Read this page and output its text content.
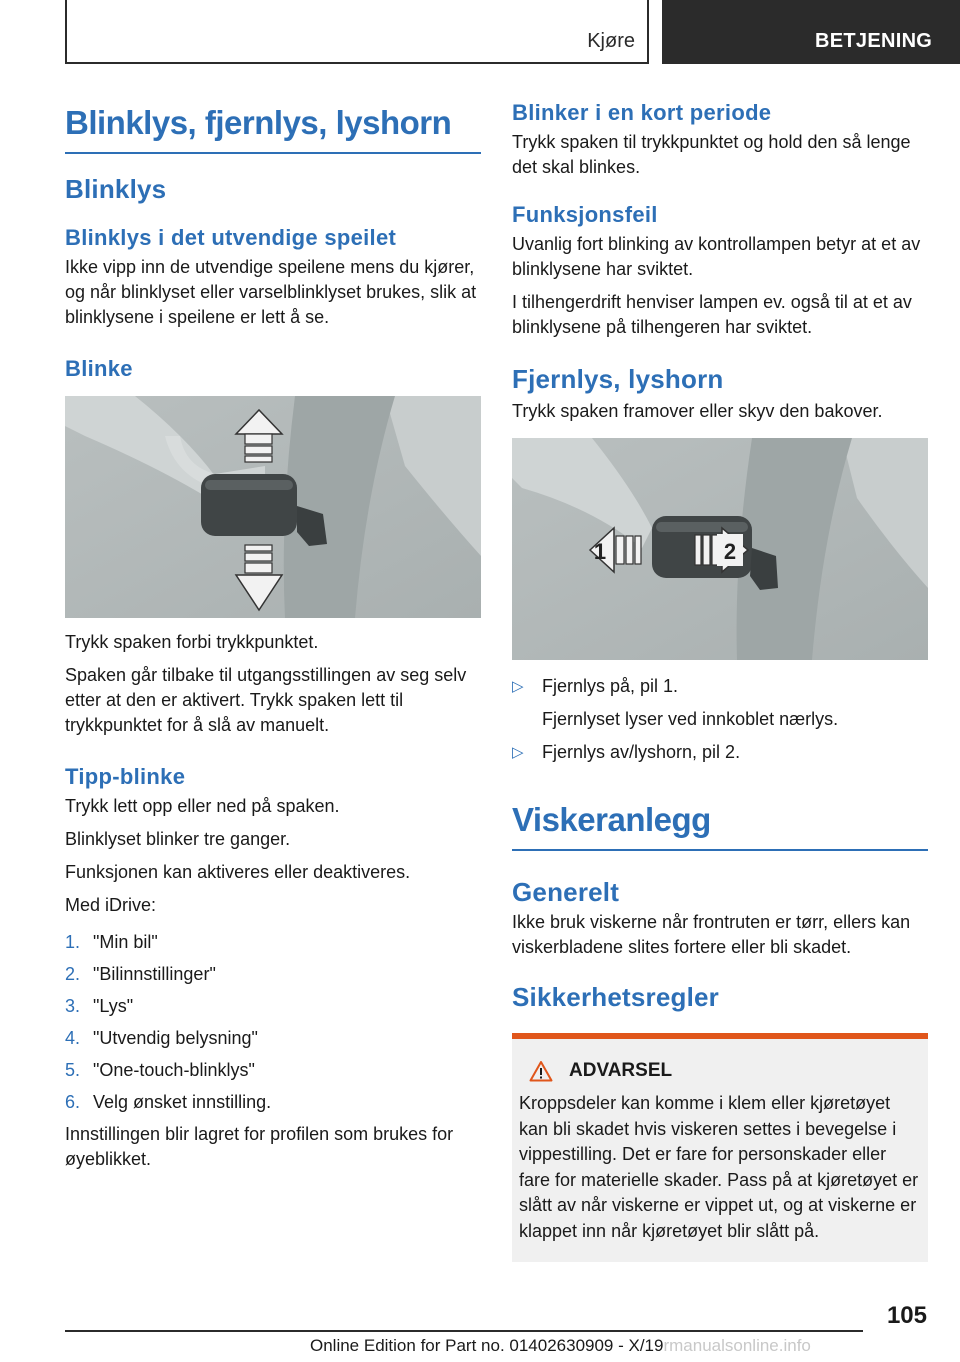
Kjøre	BETJENING
Blinklys, fjernlys, lyshorn
Blinklys
Blinklys i det utvendige speilet

Ikke vipp inn de utvendige speilene mens du kjører, og når blinklyset eller varselblinklyset brukes, slik at blinklysene i speilene er lett å se.

Blinke

Trykk spaken forbi trykkpunktet.

Spaken går tilbake til utgangsstillingen av seg selv etter at den er aktivert. Trykk spaken lett til trykkpunktet for å slå av manuelt.

Tipp-blinke

Trykk lett opp eller ned på spaken.

Blinklyset blinker tre ganger.

Funksjonen kan aktiveres eller deaktiveres.

Med iDrive:

1. "Min bil"
2. "Bilinnstillinger"
3. "Lys"
4. "Utvendig belysning"
5. "One-touch-blinklys"
6. Velg ønsket innstilling.

Innstillingen blir lagret for profilen som brukes for øyeblikket.

Blinker i en kort periode

Trykk spaken til trykkpunktet og hold den så lenge det skal blinkes.

Funksjonsfeil

Uvanlig fort blinking av kontrollampen betyr at et av blinklysene har sviktet.

I tilhengerdrift henviser lampen ev. også til at et av blinklysene på tilhengeren har sviktet.

Fjernlys, lyshorn

Trykk spaken framover eller skyv den bakover.

2
1
▷	Fjernlys på, pil 1.
Fjernlyset lyser ved innkoblet nærlys.
▷	Fjernlys av/lyshorn, pil 2.
Viskeranlegg
Generelt

Ikke bruk viskerne når frontruten er tørr, ellers kan viskerbladene slites fortere eller bli skadet.

Sikkerhetsregler
ADVARSEL
Kroppsdeler kan komme i klem eller kjøretøyet kan bli skadet hvis viskeren settes i bevegelse i vippestilling. Det er fare for personskader eller fare for materielle skader. Pass på at kjøretøyet er slått av når viskerne er vippet ut, og at viskerne er klappet inn når kjøretøyet blir slått på.
105
Online Edition for Part no. 01402630909 - X/19rmanualsonline.info
